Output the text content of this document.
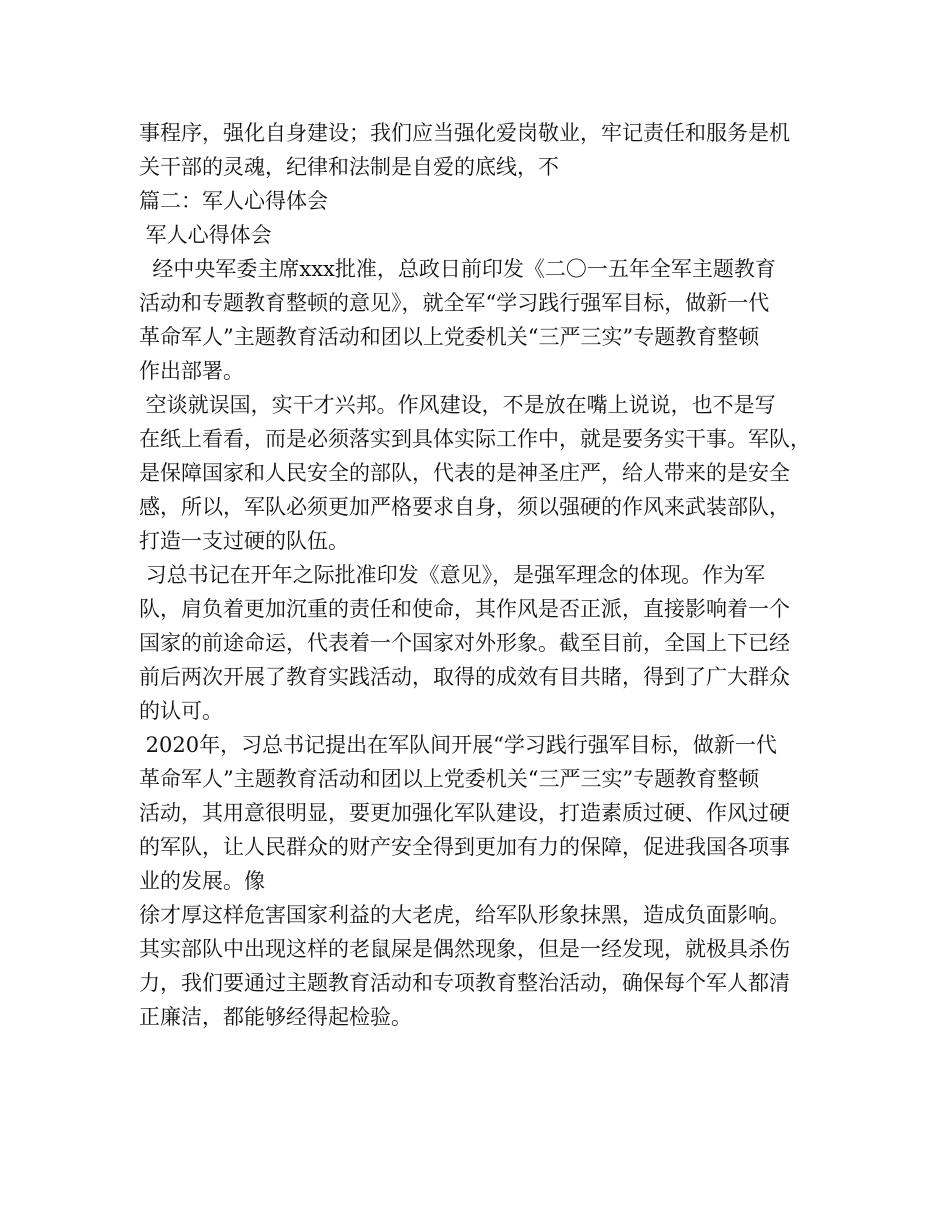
事程序，强化自身建设；我们应当强化爱岗敬业，牢记责任和服务是机
关干部的灵魂，纪律和法制是自爱的底线，不
篇二：军人心得体会
军人心得体会
经中央军委主席xxx批准，总政日前印发《二〇一五年全军主题教育
活动和专题教育整顿的意见》，就全军“学习践行强军目标，做新一代
革命军人”主题教育活动和团以上党委机关“三严三实”专题教育整顿
作出部署。
空谈就误国，实干才兴邦。作风建设，不是放在嘴上说说，也不是写
在纸上看看，而是必须落实到具体实际工作中，就是要务实干事。军队，
是保障国家和人民安全的部队，代表的是神圣庄严，给人带来的是安全
感，所以，军队必须更加严格要求自身，须以强硬的作风来武装部队，
打造一支过硬的队伍。
习总书记在开年之际批准印发《意见》，是强军理念的体现。作为军
队，肩负着更加沉重的责任和使命，其作风是否正派，直接影响着一个
国家的前途命运，代表着一个国家对外形象。截至目前，全国上下已经
前后两次开展了教育实践活动，取得的成效有目共睹，得到了广大群众
的认可。
2020年，习总书记提出在军队间开展“学习践行强军目标，做新一代
革命军人”主题教育活动和团以上党委机关“三严三实”专题教育整顿
活动，其用意很明显，要更加强化军队建设，打造素质过硬、作风过硬
的军队，让人民群众的财产安全得到更加有力的保障，促进我国各项事
业的发展。像
徐才厚这样危害国家利益的大老虎，给军队形象抹黑，造成负面影响。
其实部队中出现这样的老鼠屎是偶然现象，但是一经发现，就极具杀伤
力，我们要通过主题教育活动和专项教育整治活动，确保每个军人都清
正廉洁，都能够经得起检验。
